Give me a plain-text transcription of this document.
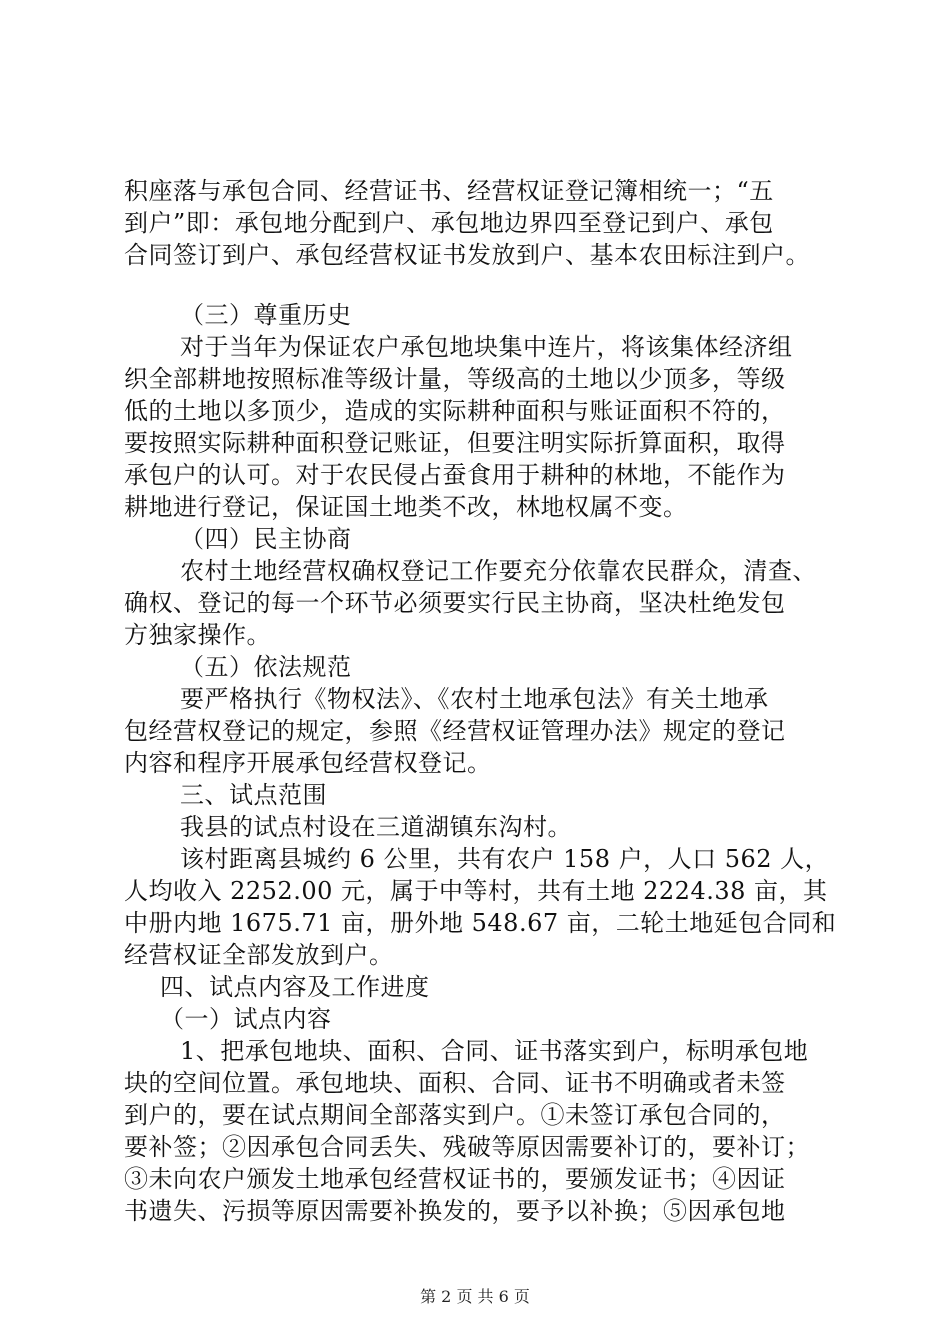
积座落与承包合同、经营证书、经营权证登记簿相统一；“五
到户”即：承包地分配到户、承包地边界四至登记到户、承包
合同签订到户、承包经营权证书发放到户、基本农田标注到户。
（三）尊重历史
对于当年为保证农户承包地块集中连片，将该集体经济组
织全部耕地按照标准等级计量，等级高的土地以少顶多，等级
低的土地以多顶少，造成的实际耕种面积与账证面积不符的，
要按照实际耕种面积登记账证，但要注明实际折算面积，取得
承包户的认可。对于农民侵占蚕食用于耕种的林地，不能作为
耕地进行登记，保证国土地类不改，林地权属不变。
（四）民主协商
农村土地经营权确权登记工作要充分依靠农民群众，清查、
确权、登记的每一个环节必须要实行民主协商，坚决杜绝发包
方独家操作。
（五）依法规范
要严格执行《物权法》、《农村土地承包法》有关土地承
包经营权登记的规定，参照《经营权证管理办法》规定的登记
内容和程序开展承包经营权登记。
三、试点范围
我县的试点村设在三道湖镇东沟村。
该村距离县城约 6 公里，共有农户 158 户，人口 562 人，
人均收入 2252.00 元，属于中等村，共有土地 2224.38 亩，其
中册内地 1675.71 亩，册外地 548.67 亩，二轮土地延包合同和
经营权证全部发放到户。
四、试点内容及工作进度
（一）试点内容
1、把承包地块、面积、合同、证书落实到户，标明承包地
块的空间位置。承包地块、面积、合同、证书不明确或者未签
到户的，要在试点期间全部落实到户。①未签订承包合同的，
要补签；②因承包合同丢失、残破等原因需要补订的，要补订；
③未向农户颁发土地承包经营权证书的，要颁发证书；④因证
书遗失、污损等原因需要补换发的，要予以补换；⑤因承包地
第 2 页 共 6 页
